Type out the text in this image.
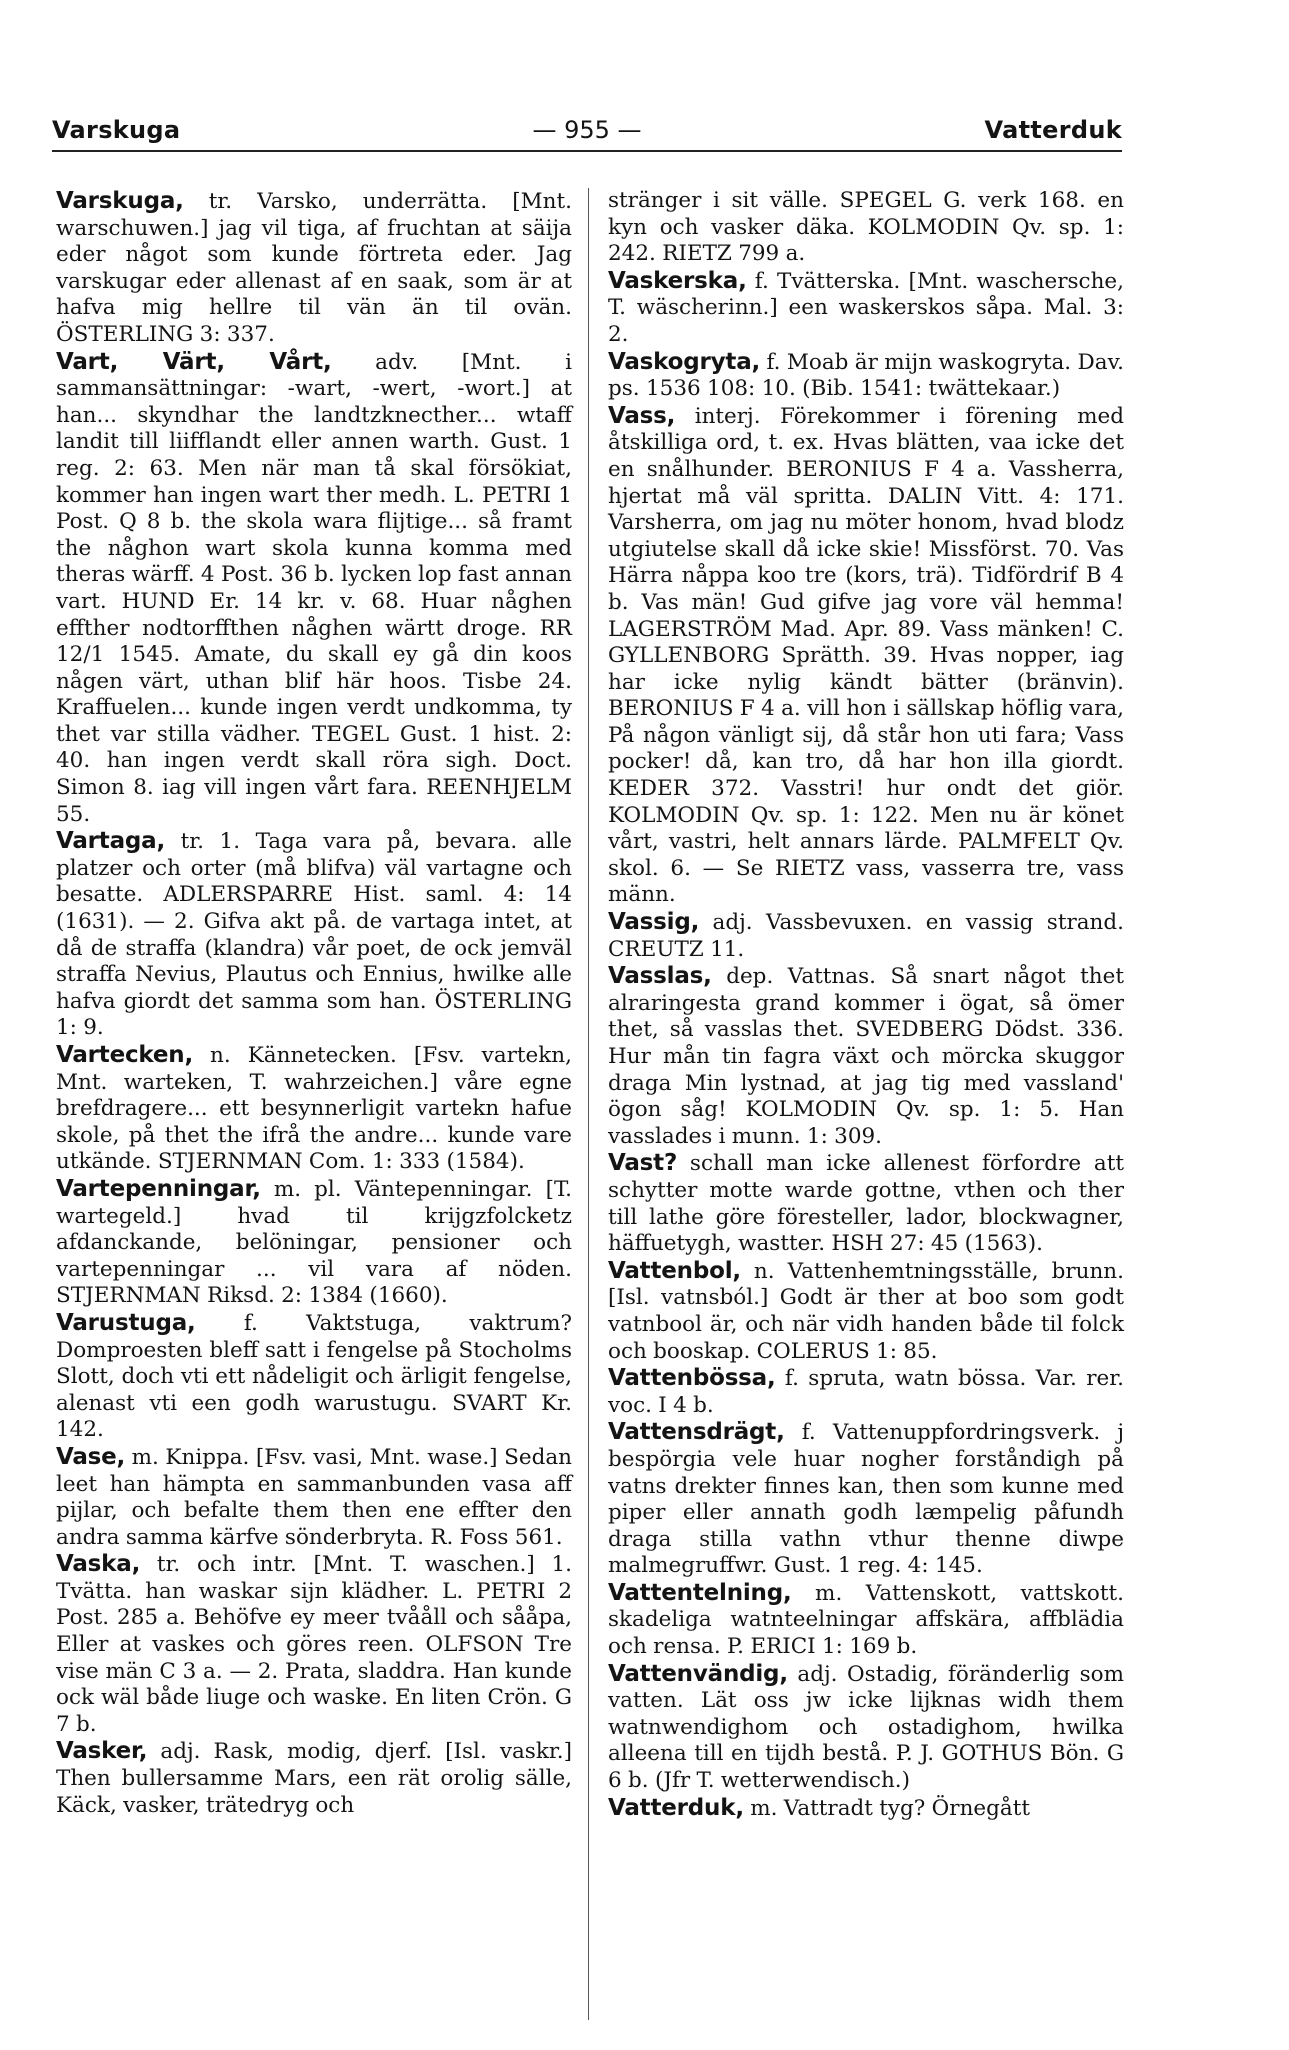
Varskuga	— 955 —	Vatterduk
Varskuga, tr. Varsko, underrätta. [Mnt. warschuwen.] jag vil tiga, af fruchtan at säija eder något som kunde förtreta eder. Jag varskugar eder allenast af en saak, som är at hafva mig hellre til vän än til ovän. ÖSTERLING 3: 337.
Vart, Värt, Vårt, adv. [Mnt. i sammansättningar: -wart, -wert, -wort.] at han... skyndhar the landtzknecther... wtaff landit till liifflandt eller annen warth. Gust. 1 reg. 2: 63. Men när man tå skal försökiat, kommer han ingen wart ther medh. L. PETRI 1 Post. Q 8 b. the skola wara flijtige... så framt the någhon wart skola kunna komma med theras wärff. 4 Post. 36 b. lycken lop fast annan vart. HUND Er. 14 kr. v. 68. Huar någhen effther nodtorffthen någhen wärtt droge. RR 12/1 1545. Amate, du skall ey gå din koos någen värt, uthan blif här hoos. Tisbe 24. Kraffuelen... kunde ingen verdt undkomma, ty thet var stilla vädher. TEGEL Gust. 1 hist. 2: 40. han ingen verdt skall röra sigh. Doct. Simon 8. iag vill ingen vårt fara. REENHJELM 55.
Vartaga, tr. 1. Taga vara på, bevara. alle platzer och orter (må blifva) väl vartagne och besatte. ADLERSPARRE Hist. saml. 4: 14 (1631). — 2. Gifva akt på. de vartaga intet, at då de straffa (klandra) vår poet, de ock jemväl straffa Nevius, Plautus och Ennius, hwilke alle hafva giordt det samma som han. ÖSTERLING 1: 9.
Vartecken, n. Kännetecken. [Fsv. vartekn, Mnt. warteken, T. wahrzeichen.] våre egne brefdragere... ett besynnerligit vartekn hafue skole, på thet the ifrå the andre... kunde vare utkände. STJERNMAN Com. 1: 333 (1584).
Vartepenningar, m. pl. Väntepenningar. [T. wartegeld.] hvad til krijgzfolcketz afdanckande, belöningar, pensioner och vartepenningar ... vil vara af nöden. STJERNMAN Riksd. 2: 1384 (1660).
Varustuga, f. Vaktstuga, vaktrum? Domproesten bleff satt i fengelse på Stocholms Slott, doch vti ett nådeligit och ärligit fengelse, alenast vti een godh warustugu. SVART Kr. 142.
Vase, m. Knippa. [Fsv. vasi, Mnt. wase.] Sedan leet han hämpta en sammanbunden vasa aff pijlar, och befalte them then ene effter den andra samma kärfve sönderbryta. R. Foss 561.
Vaska, tr. och intr. [Mnt. T. waschen.] 1. Tvätta. han waskar sijn klädher. L. PETRI 2 Post. 285 a. Behöfve ey meer tvååll och sååpa, Eller at vaskes och göres reen. OLFSON Tre vise män C 3 a. — 2. Prata, sladdra. Han kunde ock wäl både liuge och waske. En liten Crön. G 7 b.
Vasker, adj. Rask, modig, djerf. [Isl. vaskr.] Then bullersamme Mars, een rät orolig sälle, Käck, vasker, trätedryg och
stränger i sit välle. SPEGEL G. verk 168. en kyn och vasker däka. KOLMODIN Qv. sp. 1: 242. RIETZ 799 a.
Vaskerska, f. Tvätterska. [Mnt. waschersche, T. wäscherinn.] een waskerskos såpa. Mal. 3: 2.
Vaskogryta, f. Moab är mijn waskogryta. Dav. ps. 1536 108: 10. (Bib. 1541: twättekaar.)
Vass, interj. Förekommer i förening med åtskilliga ord, t. ex. Hvas blätten, vaa icke det en snålhunder. BERONIUS F 4 a. Vassherra, hjertat må väl spritta. DALIN Vitt. 4: 171. Varsherra, om jag nu möter honom, hvad blodz utgiutelse skall då icke skie! Missförst. 70. Vas Härra nåppa koo tre (kors, trä). Tidfördrif B 4 b. Vas män! Gud gifve jag vore väl hemma! LAGERSTRÖM Mad. Apr. 89. Vass mänken! C. GYLLENBORG Sprätth. 39. Hvas nopper, iag har icke nylig kändt bätter (bränvin). BERONIUS F 4 a. vill hon i sällskap höflig vara, På någon vänligt sij, då står hon uti fara; Vass pocker! då, kan tro, då har hon illa giordt. KEDER 372. Vasstri! hur ondt det giör. KOLMODIN Qv. sp. 1: 122. Men nu är könet vårt, vastri, helt annars lärde. PALMFELT Qv. skol. 6. — Se RIETZ vass, vasserra tre, vass männ.
Vassig, adj. Vassbevuxen. en vassig strand. CREUTZ 11.
Vasslas, dep. Vattnas. Så snart något thet alraringesta grand kommer i ögat, så ömer thet, så vasslas thet. SVEDBERG Dödst. 336. Hur mån tin fagra växt och mörcka skuggor draga Min lystnad, at jag tig med vassland' ögon såg! KOLMODIN Qv. sp. 1: 5. Han vasslades i munn. 1: 309.
Vast? schall man icke allenest förfordre att schytter motte warde gottne, vthen och ther till lathe göre föresteller, lador, blockwagner, häffuetygh, wastter. HSH 27: 45 (1563).
Vattenbol, n. Vattenhemtningsställe, brunn. [Isl. vatnsból.] Godt är ther at boo som godt vatnbool är, och när vidh handen både til folck och booskap. COLERUS 1: 85.
Vattenbössa, f. spruta, watn bössa. Var. rer. voc. I 4 b.
Vattensdrägt, f. Vattenuppfordringsverk. j bespörgia vele huar nogher forståndigh på vatns drekter finnes kan, then som kunne med piper eller annath godh læmpelig påfundh draga stilla vathn vthur thenne diwpe malmegruffwr. Gust. 1 reg. 4: 145.
Vattentelning, m. Vattenskott, vattskott. skadeliga watnteelningar affskära, affblädia och rensa. P. ERICI 1: 169 b.
Vattenvändig, adj. Ostadig, föränderlig som vatten. Lät oss jw icke lijknas widh them watnwendighom och ostadighom, hwilka alleena till en tijdh bestå. P. J. GOTHUS Bön. G 6 b. (Jfr T. wetterwendisch.)
Vatterduk, m. Vattradt tyg? Örnegått
